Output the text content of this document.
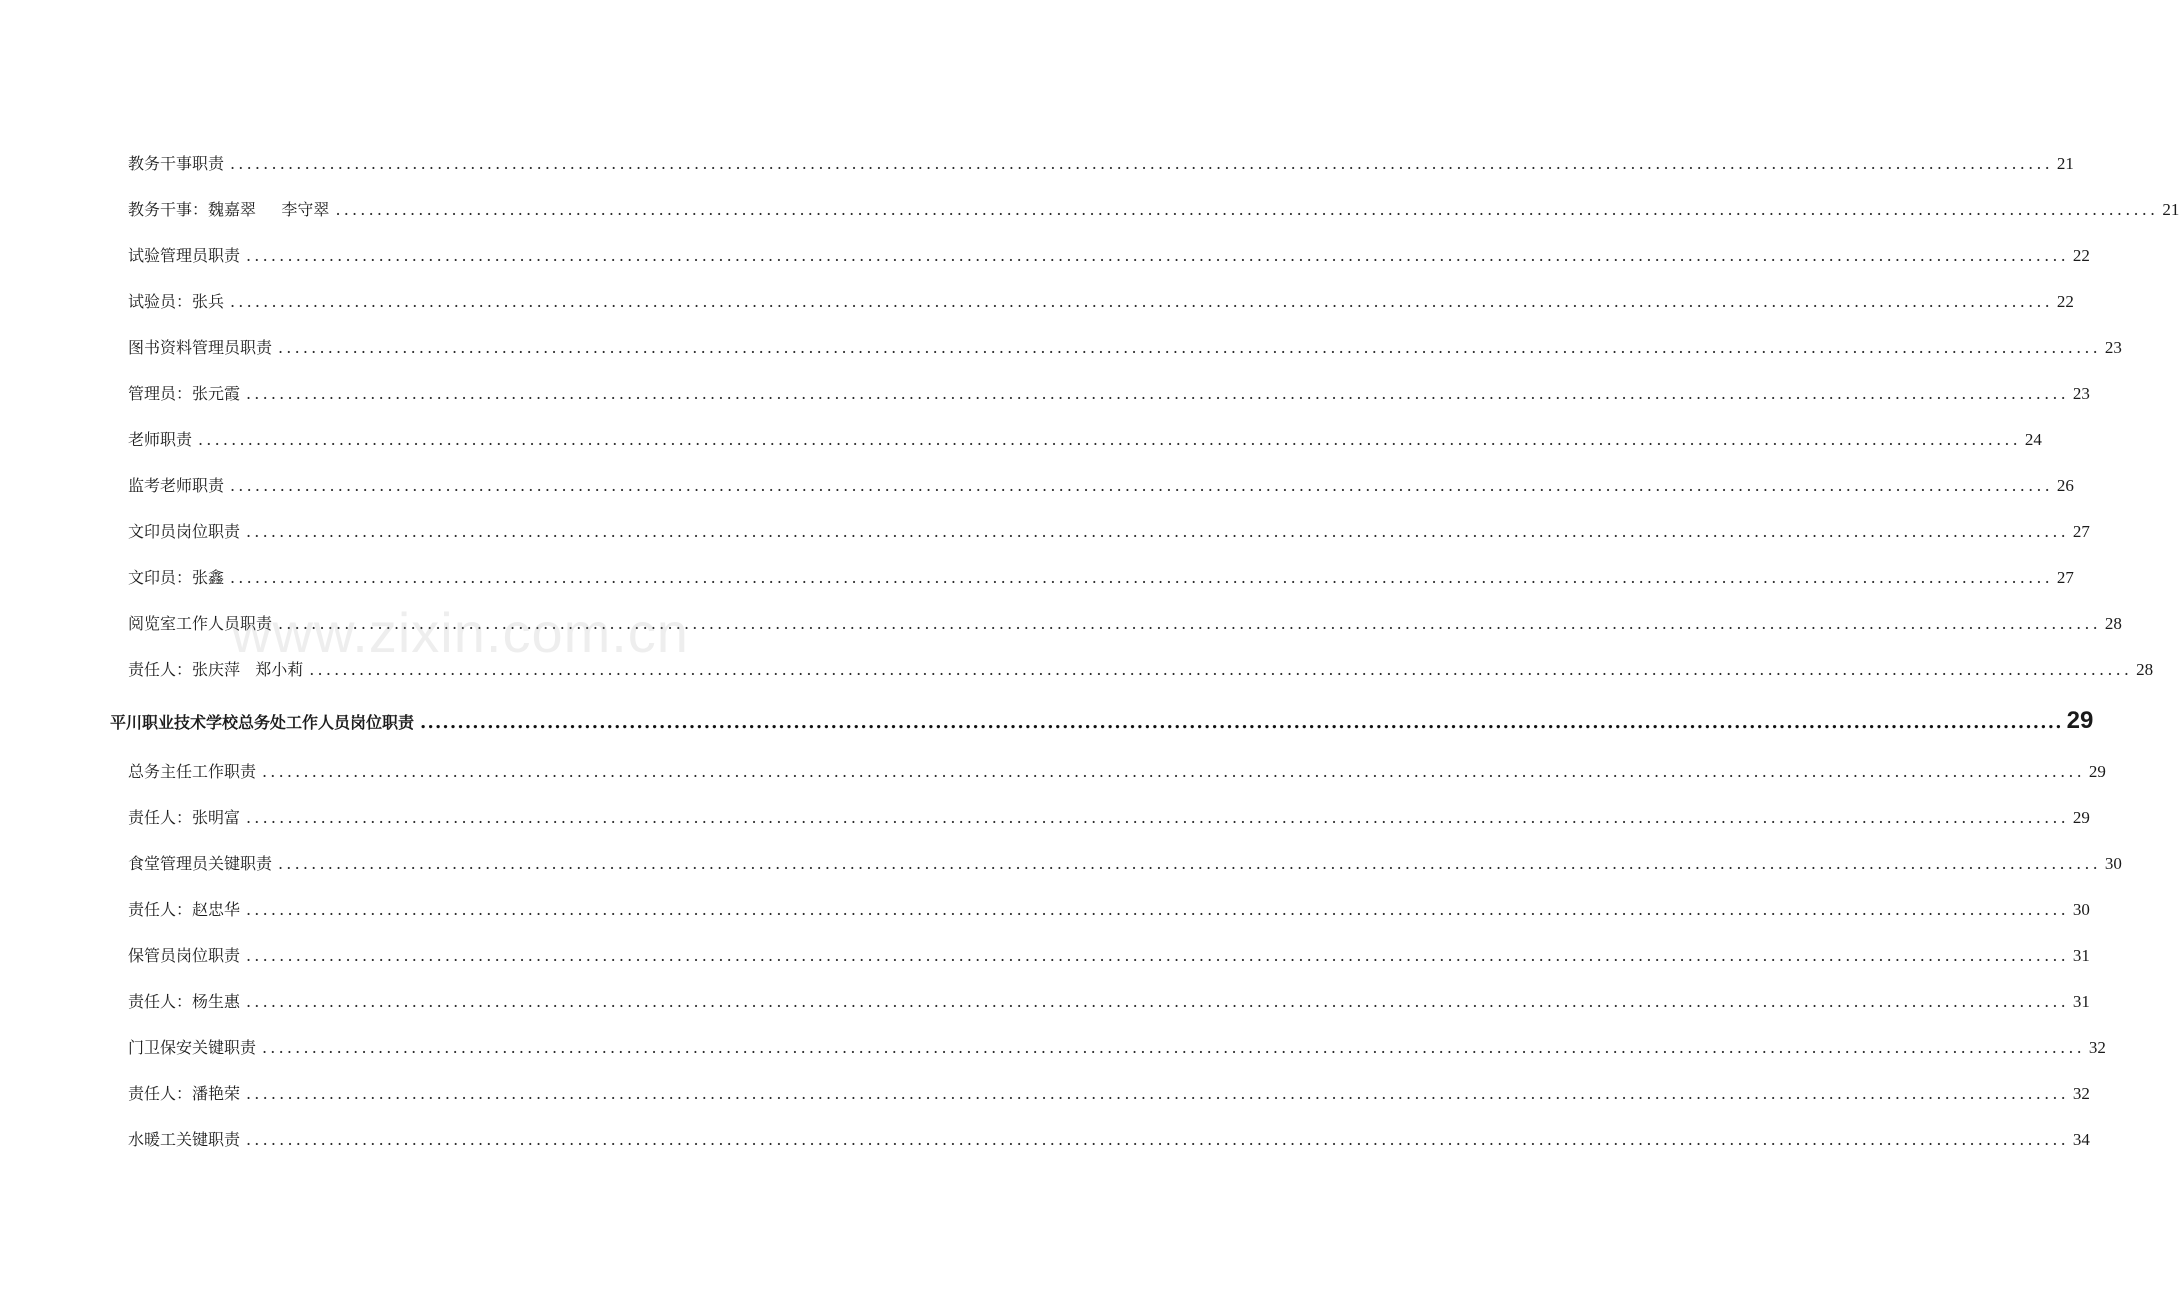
教务干事职责 ............................................................................................................................................................................................................................ 21
教务干事：魏嘉翠     李守翠 ............................................................................................................................................................................................................................ 21
试验管理员职责 ............................................................................................................................................................................................................................ 22
试验员：张兵 ............................................................................................................................................................................................................................ 22
图书资料管理员职责 ............................................................................................................................................................................................................................ 23
管理员：张元霞 ............................................................................................................................................................................................................................ 23
老师职责 ............................................................................................................................................................................................................................ 24
监考老师职责 ............................................................................................................................................................................................................................ 26
文印员岗位职责 ............................................................................................................................................................................................................................ 27
文印员：张鑫 ............................................................................................................................................................................................................................ 27
阅览室工作人员职责 ............................................................................................................................................................................................................................ 28
责任人：张庆萍   郑小莉 ............................................................................................................................................................................................................................ 28
平川职业技术学校总务处工作人员岗位职责 ............................................................................................................................................................................................................................ 29
总务主任工作职责 ............................................................................................................................................................................................................................ 29
责任人：张明富 ............................................................................................................................................................................................................................ 29
食堂管理员关键职责 ............................................................................................................................................................................................................................ 30
责任人：赵忠华 ............................................................................................................................................................................................................................ 30
保管员岗位职责 ............................................................................................................................................................................................................................ 31
责任人：杨生惠 ............................................................................................................................................................................................................................ 31
门卫保安关键职责 ............................................................................................................................................................................................................................ 32
责任人：潘艳荣 ............................................................................................................................................................................................................................ 32
水暖工关键职责 ............................................................................................................................................................................................................................ 34
www.zixin.com.cn
